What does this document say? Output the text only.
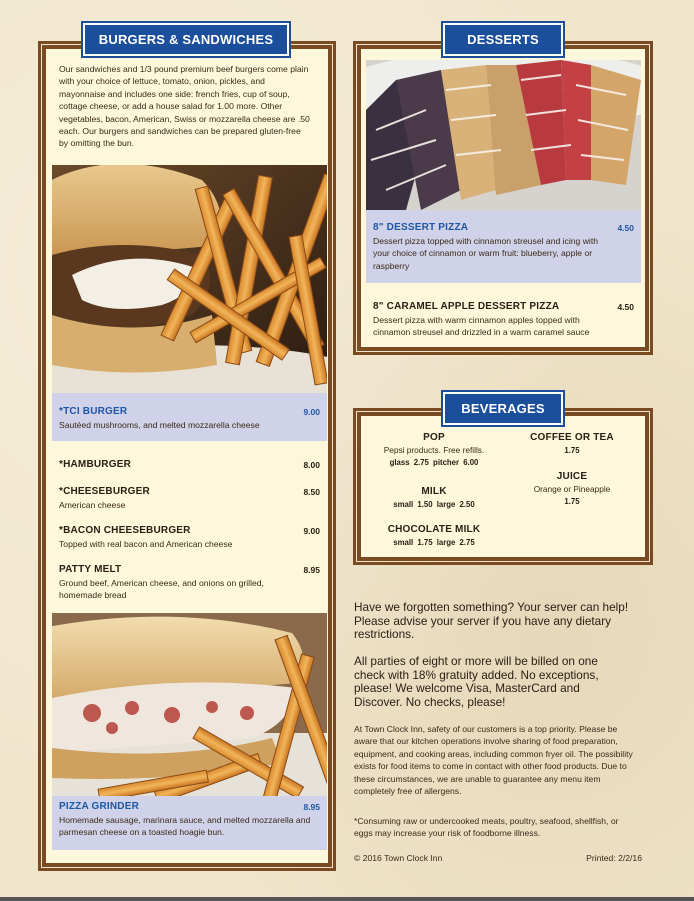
BURGERS & SANDWICHES
Our sandwiches and 1/3 pound premium beef burgers come plain with your choice of lettuce, tomato, onion, pickles, and mayonnaise and includes one side: french fries, cup of soup, cottage cheese, or add a house salad for 1.00 more. Other vegetables, bacon, American, Swiss or mozzarella cheese are .50 each. Our burgers and sandwiches can be prepared gluten-free by omitting the bun.
*TCI BURGER	9.00
Sautéed mushrooms, and melted mozzarella cheese
*HAMBURGER	8.00
*CHEESEBURGER	8.50
American cheese
*BACON CHEESEBURGER	9.00
Topped with real bacon and American cheese
PATTY MELT	8.95
Ground beef, American cheese, and onions on grilled, homemade bread
PIZZA GRINDER	8.95
Homemade sausage, marinara sauce, and melted mozzarella and parmesan cheese on a toasted hoagie bun.
DESSERTS
8" DESSERT PIZZA	4.50
Dessert pizza topped with cinnamon streusel and icing with your choice of cinnamon or warm fruit: blueberry, apple or raspberry
8" CARAMEL APPLE DESSERT PIZZA	4.50
Dessert pizza with warm cinnamon apples topped with cinnamon streusel and drizzled in a warm caramel sauce
BEVERAGES
POP
Pepsi products. Free refills.
glass 2.75 pitcher 6.00
MILK
small 1.50 large 2.50
CHOCOLATE MILK
small 1.75 large 2.75
COFFEE OR TEA
1.75
JUICE
Orange or Pineapple
1.75
Have we forgotten something? Your server can help! Please advise your server if you have any dietary restrictions.
All parties of eight or more will be billed on one check with 18% gratuity added. No exceptions, please! We welcome Visa, MasterCard and Discover. No checks, please!
At Town Clock Inn, safety of our customers is a top priority. Please be aware that our kitchen operations involve sharing of food preparation, equipment, and cooking areas, including common fryer oil. The possibility exists for food items to come in contact with other food products. Due to these circumstances, we are unable to guarantee any menu item completely free of allergens.
*Consuming raw or undercooked meats, poultry, seafood, shellfish, or eggs may increase your risk of foodborne illness.
© 2016 Town Clock Inn	Printed: 2/2/16
